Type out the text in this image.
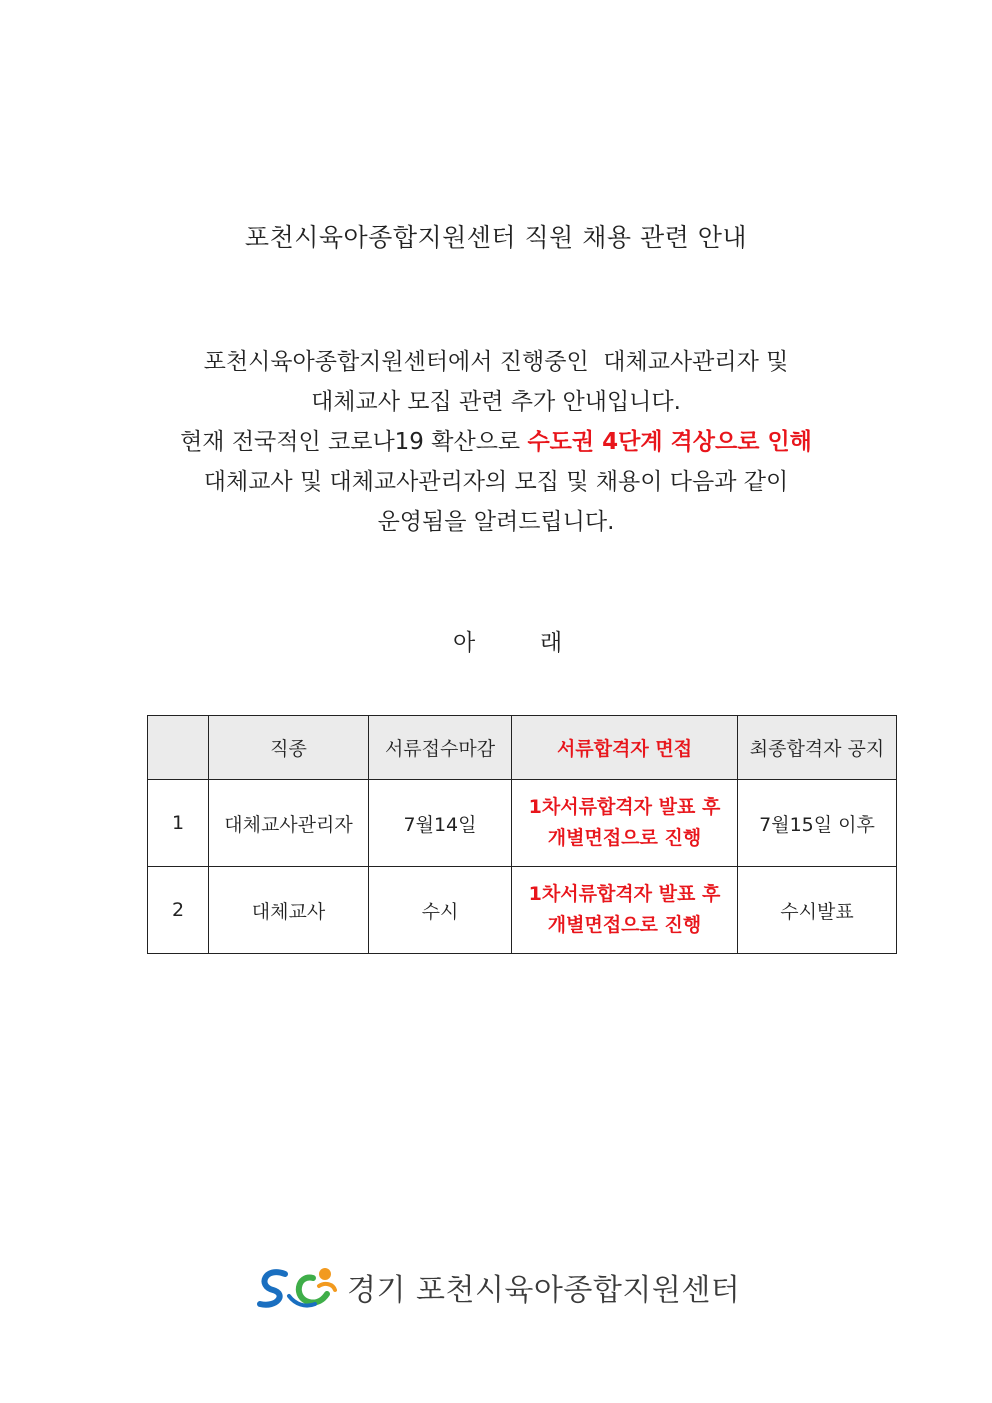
포천시육아종합지원센터 직원 채용 관련 안내
포천시육아종합지원센터에서 진행중인  대체교사관리자 및
대체교사 모집 관련 추가 안내입니다.
현재 전국적인 코로나19 확산으로 수도권 4단계 격상으로 인해
대체교사 및 대체교사관리자의 모집 및 채용이 다음과 같이
운영됨을 알려드립니다.
아	래
	직종	서류접수마감	서류합격자 면접	최종합격자 공지
1	대체교사관리자	7월14일	1차서류합격자 발표 후
개별면접으로 진행	7월15일 이후
2	대체교사	수시	1차서류합격자 발표 후
개별면접으로 진행	수시발표
경기 포천시육아종합지원센터
